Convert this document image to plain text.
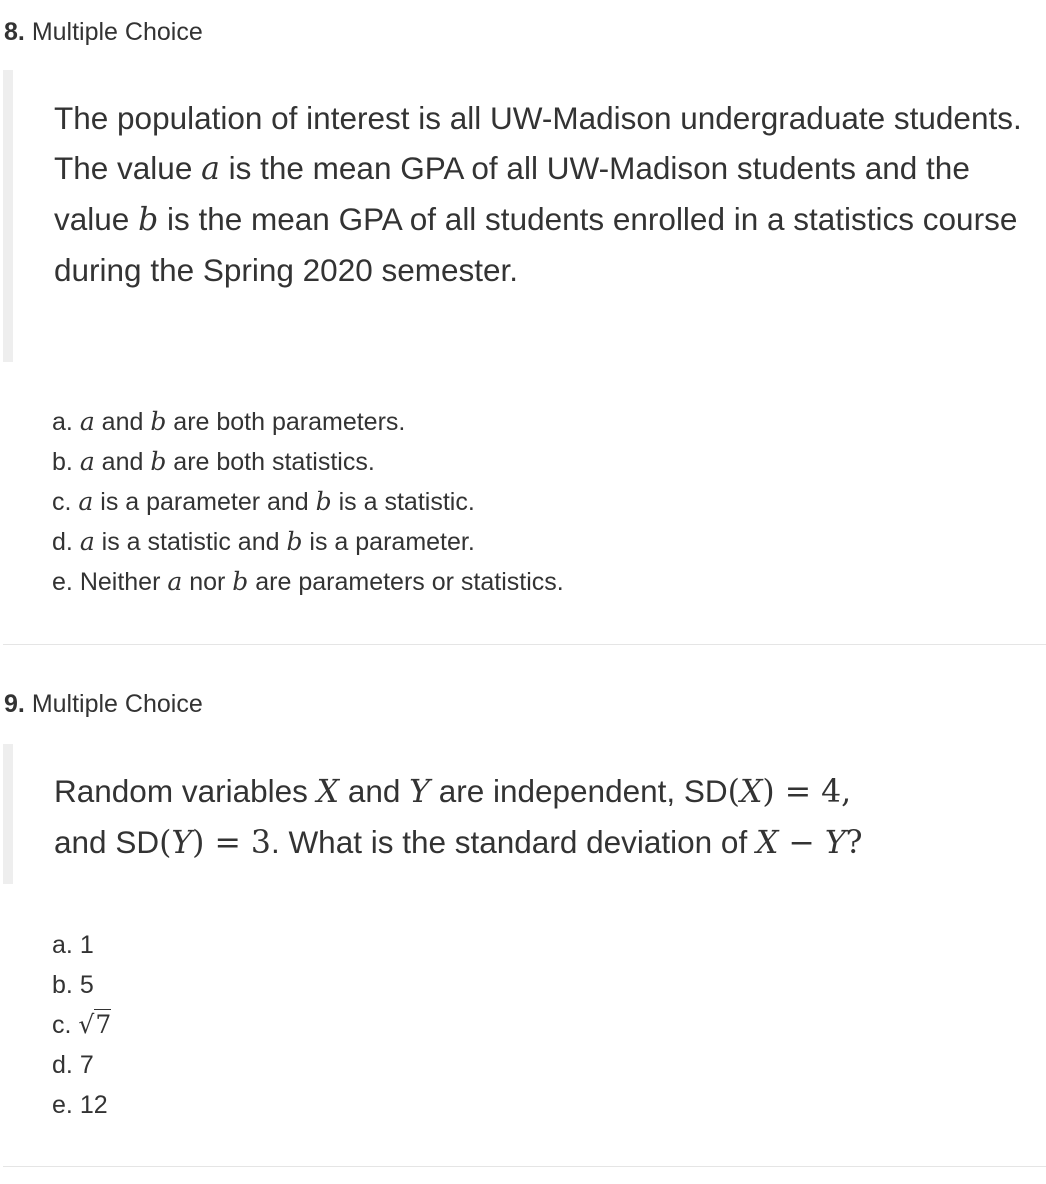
8. Multiple Choice
The population of interest is all UW-Madison undergraduate students. The value a is the mean GPA of all UW-Madison students and the value b is the mean GPA of all students enrolled in a statistics course during the Spring 2020 semester.
a. a and b are both parameters.
b. a and b are both statistics.
c. a is a parameter and b is a statistic.
d. a is a statistic and b is a parameter.
e. Neither a nor b are parameters or statistics.
9. Multiple Choice
Random variables X and Y are independent, SD(X) = 4,
and SD(Y) = 3. What is the standard deviation of X − Y?
a. 1
b. 5
c. √7
d. 7
e. 12
